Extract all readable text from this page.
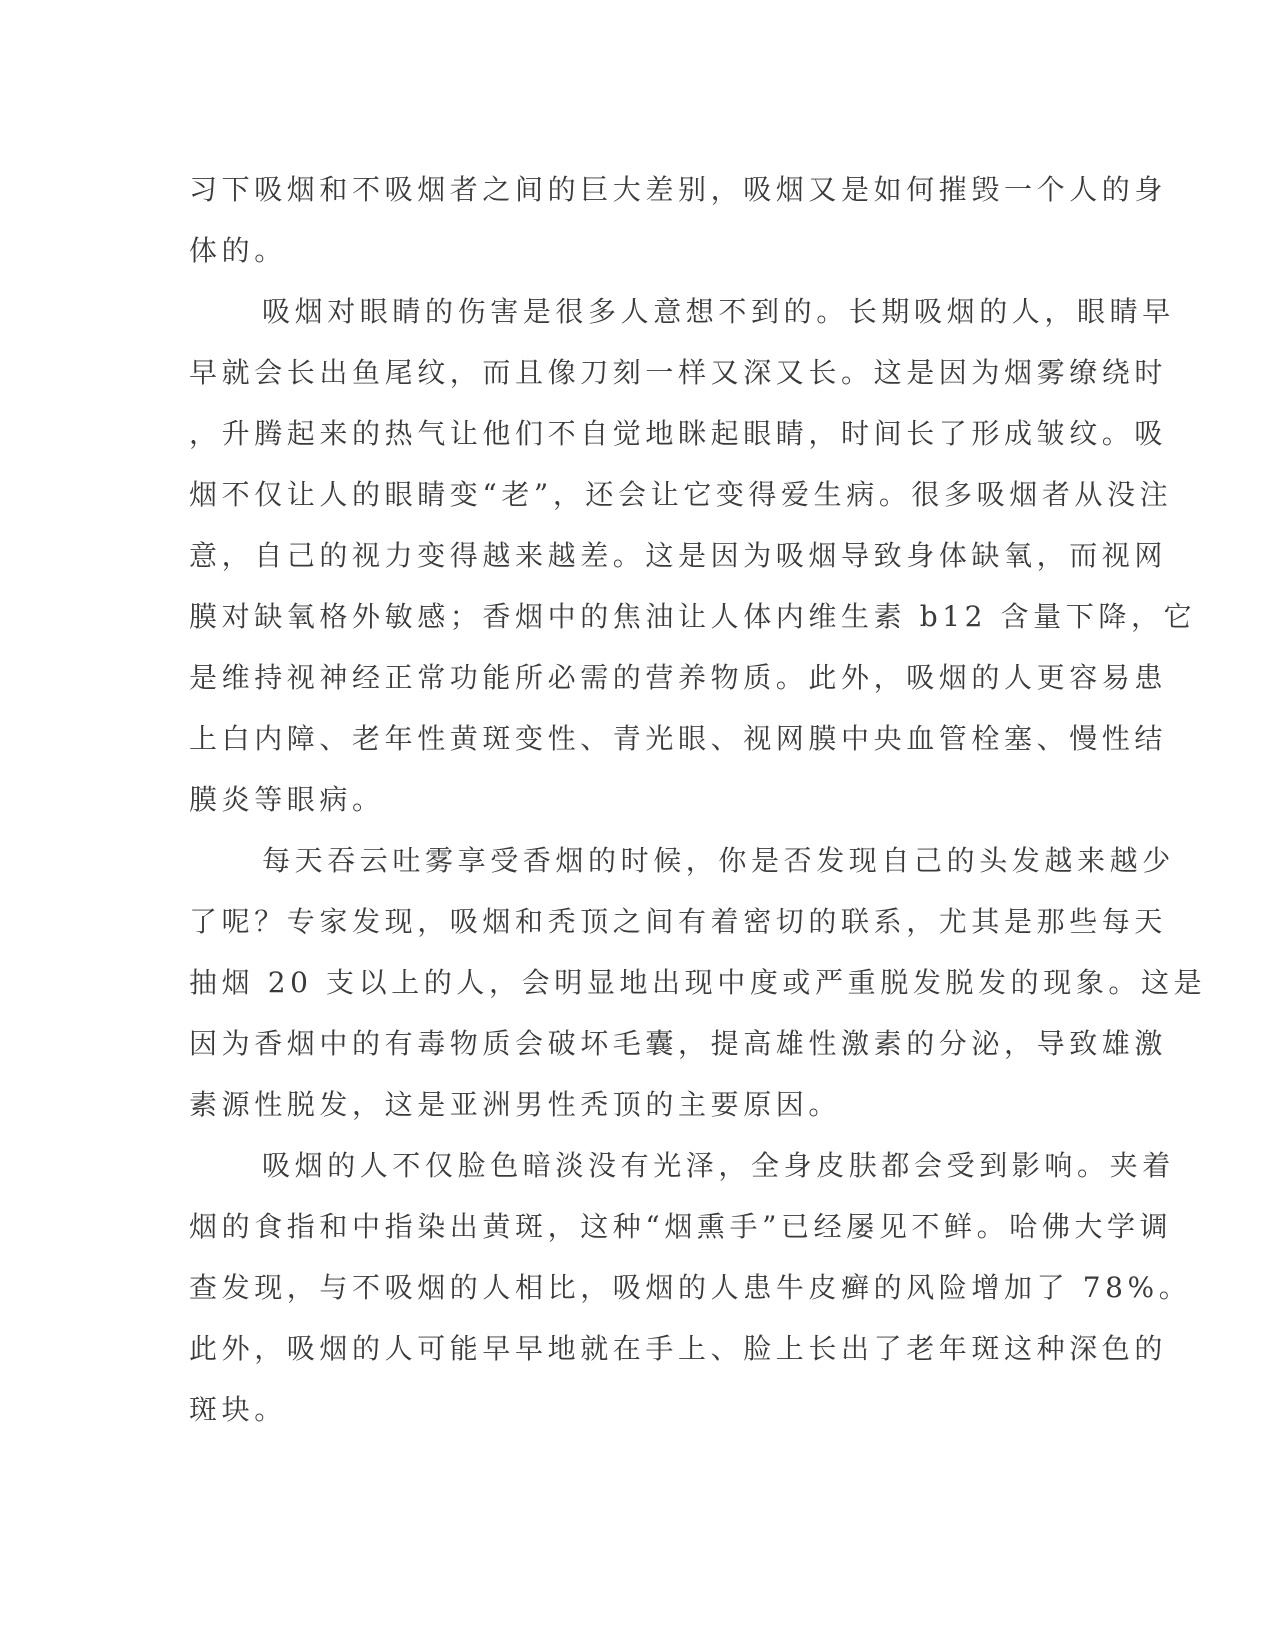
习下吸烟和不吸烟者之间的巨大差别，吸烟又是如何摧毁一个人的身
体的。
吸烟对眼睛的伤害是很多人意想不到的。长期吸烟的人，眼睛早
早就会长出鱼尾纹，而且像刀刻一样又深又长。这是因为烟雾缭绕时
，升腾起来的热气让他们不自觉地眯起眼睛，时间长了形成皱纹。吸
烟不仅让人的眼睛变“老”，还会让它变得爱生病。很多吸烟者从没注
意，自己的视力变得越来越差。这是因为吸烟导致身体缺氧，而视网
膜对缺氧格外敏感；香烟中的焦油让人体内维生素 b12 含量下降，它
是维持视神经正常功能所必需的营养物质。此外，吸烟的人更容易患
上白内障、老年性黄斑变性、青光眼、视网膜中央血管栓塞、慢性结
膜炎等眼病。
每天吞云吐雾享受香烟的时候，你是否发现自己的头发越来越少
了呢？专家发现，吸烟和秃顶之间有着密切的联系，尤其是那些每天
抽烟 20 支以上的人，会明显地出现中度或严重脱发脱发的现象。这是
因为香烟中的有毒物质会破坏毛囊，提高雄性激素的分泌，导致雄激
素源性脱发，这是亚洲男性秃顶的主要原因。
吸烟的人不仅脸色暗淡没有光泽，全身皮肤都会受到影响。夹着
烟的食指和中指染出黄斑，这种“烟熏手”已经屡见不鲜。哈佛大学调
查发现，与不吸烟的人相比，吸烟的人患牛皮癣的风险增加了 78%。
此外，吸烟的人可能早早地就在手上、脸上长出了老年斑这种深色的
斑块。
